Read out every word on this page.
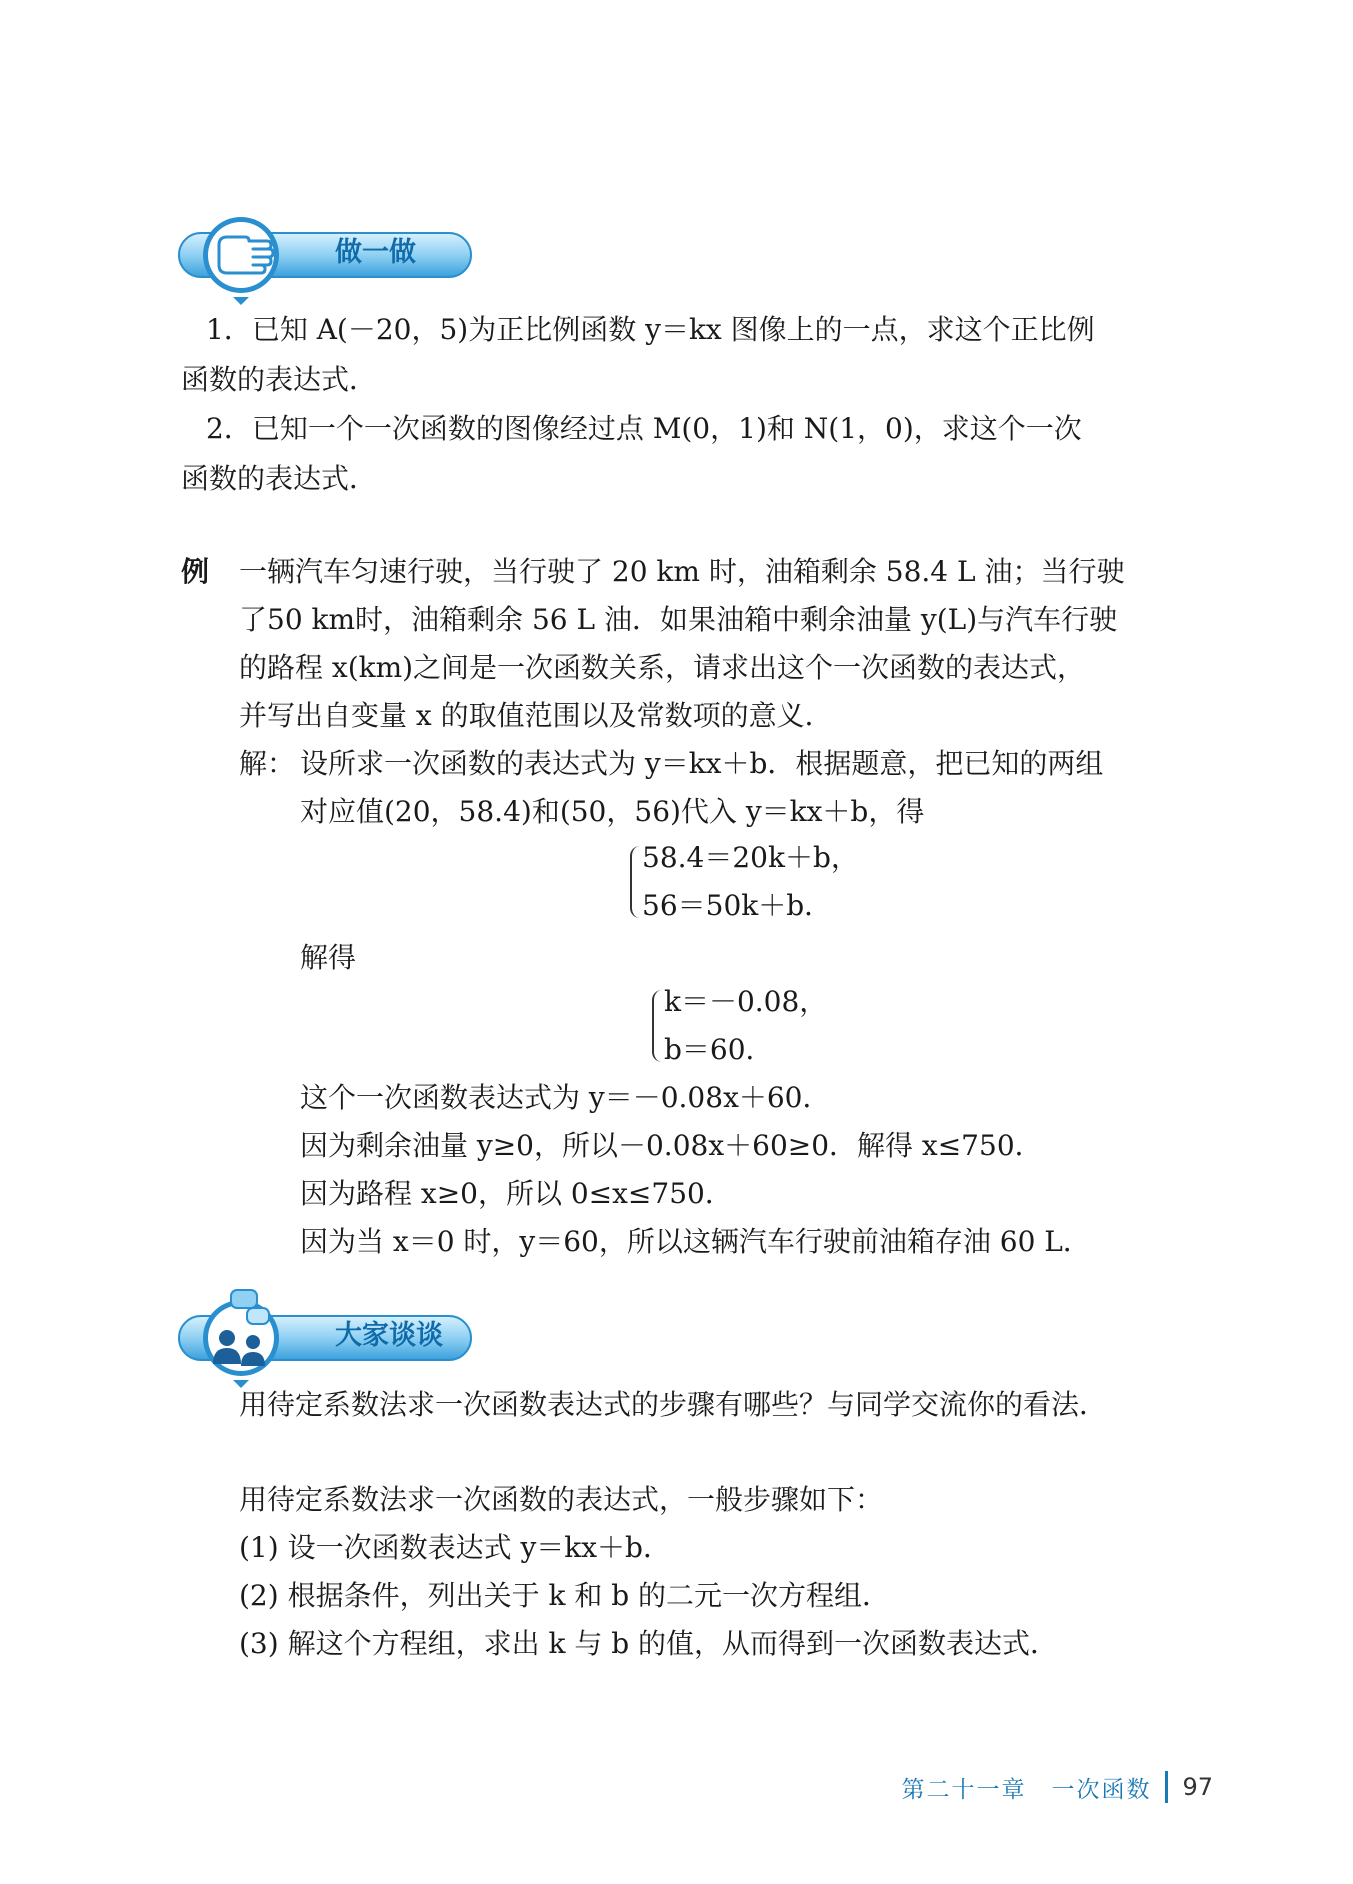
做一做
1．已知 A(－20，5)为正比例函数 y＝kx 图像上的一点，求这个正比例
函数的表达式．
2．已知一个一次函数的图像经过点 M(0，1)和 N(1，0)，求这个一次
函数的表达式．
例 一辆汽车匀速行驶，当行驶了 20 km 时，油箱剩余 58.4 L 油；当行驶
了50 km时，油箱剩余 56 L 油．如果油箱中剩余油量 y(L)与汽车行驶
的路程 x(km)之间是一次函数关系，请求出这个一次函数的表达式，
并写出自变量 x 的取值范围以及常数项的意义．
解： 设所求一次函数的表达式为 y＝kx＋b．根据题意，把已知的两组
对应值(20，58.4)和(50，56)代入 y＝kx＋b，得
58.4＝20k＋b，
56＝50k＋b．
解得
k＝－0.08，
b＝60．
这个一次函数表达式为 y＝－0.08x＋60．
因为剩余油量 y≥0，所以－0.08x＋60≥0．解得 x≤750．
因为路程 x≥0，所以 0≤x≤750．
因为当 x＝0 时，y＝60，所以这辆汽车行驶前油箱存油 60 L．
大家谈谈
用待定系数法求一次函数表达式的步骤有哪些？与同学交流你的看法．
用待定系数法求一次函数的表达式，一般步骤如下：
(1) 设一次函数表达式 y＝kx＋b．
(2) 根据条件，列出关于 k 和 b 的二元一次方程组．
(3) 解这个方程组，求出 k 与 b 的值，从而得到一次函数表达式．
第二十一章　一次函数 97
